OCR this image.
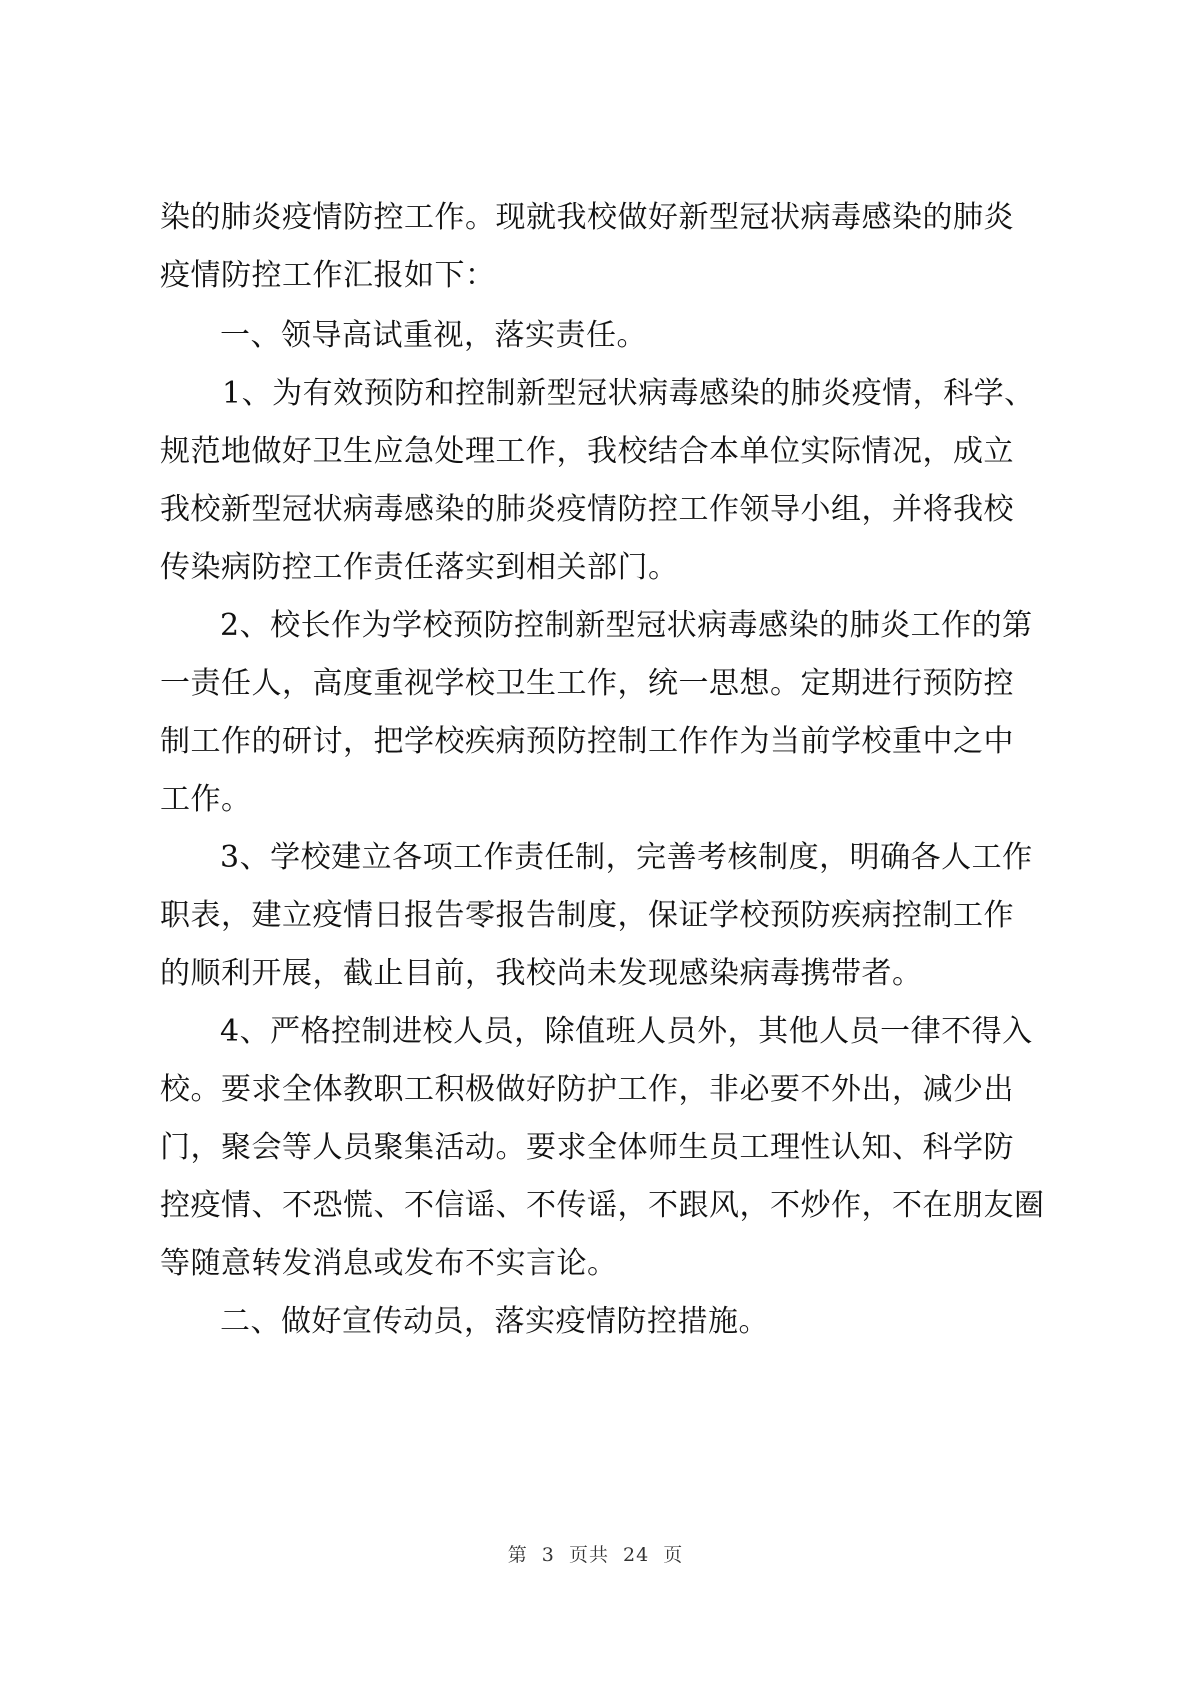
染的肺炎疫情防控工作。现就我校做好新型冠状病毒感染的肺炎
疫情防控工作汇报如下：
一、领导高试重视，落实责任。
1、为有效预防和控制新型冠状病毒感染的肺炎疫情，科学、
规范地做好卫生应急处理工作，我校结合本单位实际情况，成立
我校新型冠状病毒感染的肺炎疫情防控工作领导小组，并将我校
传染病防控工作责任落实到相关部门。
2、校长作为学校预防控制新型冠状病毒感染的肺炎工作的第
一责任人，高度重视学校卫生工作，统一思想。定期进行预防控
制工作的研讨，把学校疾病预防控制工作作为当前学校重中之中
工作。
3、学校建立各项工作责任制，完善考核制度，明确各人工作
职表，建立疫情日报告零报告制度，保证学校预防疾病控制工作
的顺利开展，截止目前，我校尚未发现感染病毒携带者。
4、严格控制进校人员，除值班人员外，其他人员一律不得入
校。要求全体教职工积极做好防护工作，非必要不外出，减少出
门，聚会等人员聚集活动。要求全体师生员工理性认知、科学防
控疫情、不恐慌、不信谣、不传谣，不跟风，不炒作，不在朋友圈
等随意转发消息或发布不实言论。
二、做好宣传动员，落实疫情防控措施。
第  3  页共  24  页
